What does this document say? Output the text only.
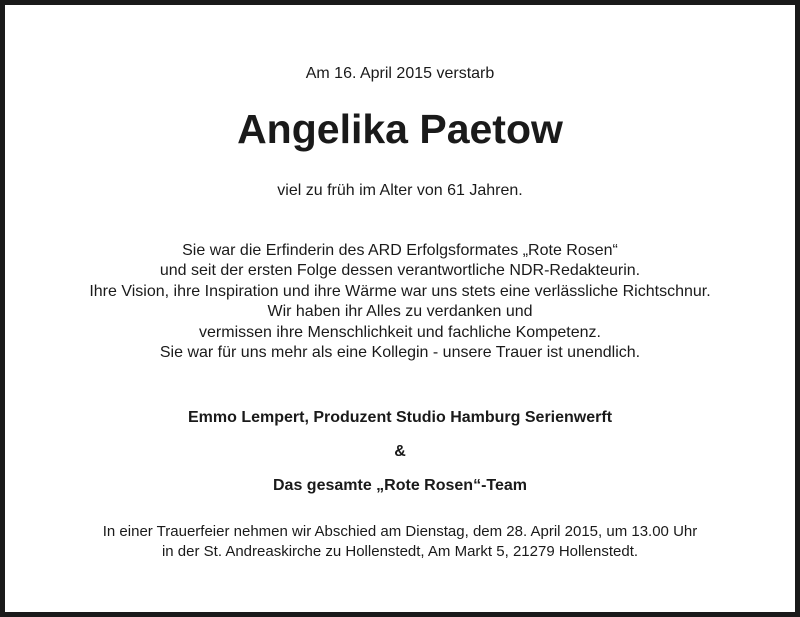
Am 16. April 2015 verstarb
Angelika Paetow
viel zu früh im Alter von 61 Jahren.
Sie war die Erfinderin des ARD Erfolgsformates „Rote Rosen“
und seit der ersten Folge dessen verantwortliche NDR-Redakteurin.
Ihre Vision, ihre Inspiration und ihre Wärme war uns stets eine verlässliche Richtschnur.
Wir haben ihr Alles zu verdanken und
vermissen ihre Menschlichkeit und fachliche Kompetenz.
Sie war für uns mehr als eine Kollegin - unsere Trauer ist unendlich.
Emmo Lempert, Produzent Studio Hamburg Serienwerft
&
Das gesamte „Rote Rosen“-Team
In einer Trauerfeier nehmen wir Abschied am Dienstag, dem 28. April 2015, um 13.00 Uhr
in der St. Andreaskirche zu Hollenstedt, Am Markt 5, 21279 Hollenstedt.
